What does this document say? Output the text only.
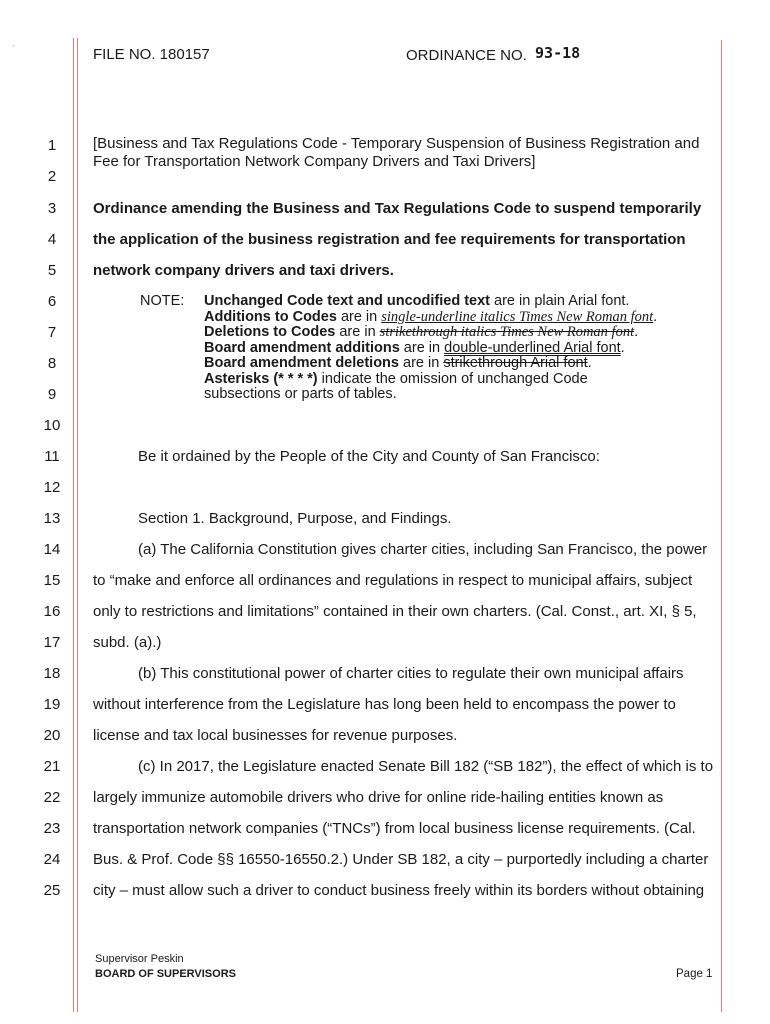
`	FILE NO. 180157	ORDINANCE NO. 93-18
1
2
3
4
5
6
7
8
9
10
11
12
13
14
15
16
17
18
19
20
21
22
23
24
25
[Business and Tax Regulations Code - Temporary Suspension of Business Registration and
Fee for Transportation Network Company Drivers and Taxi Drivers]
Ordinance amending the Business and Tax Regulations Code to suspend temporarily
the application of the business registration and fee requirements for transportation
network company drivers and taxi drivers.
NOTE: Unchanged Code text and uncodified text are in plain Arial font.
Additions to Codes are in single-underline italics Times New Roman font.
Deletions to Codes are in strikethrough italics Times New Roman font.
Board amendment additions are in double-underlined Arial font.
Board amendment deletions are in strikethrough Arial font.
Asterisks (* * * *) indicate the omission of unchanged Code
subsections or parts of tables.
Be it ordained by the People of the City and County of San Francisco:
Section 1. Background, Purpose, and Findings.
(a) The California Constitution gives charter cities, including San Francisco, the power
to “make and enforce all ordinances and regulations in respect to municipal affairs, subject
only to restrictions and limitations” contained in their own charters. (Cal. Const., art. XI, § 5,
subd. (a).)
(b) This constitutional power of charter cities to regulate their own municipal affairs
without interference from the Legislature has long been held to encompass the power to
license and tax local businesses for revenue purposes.
(c) In 2017, the Legislature enacted Senate Bill 182 (“SB 182”), the effect of which is to
largely immunize automobile drivers who drive for online ride-hailing entities known as
transportation network companies (“TNCs”) from local business license requirements. (Cal.
Bus. & Prof. Code §§ 16550-16550.2.) Under SB 182, a city – purportedly including a charter
city – must allow such a driver to conduct business freely within its borders without obtaining
Supervisor Peskin
BOARD OF SUPERVISORS	Page 1
